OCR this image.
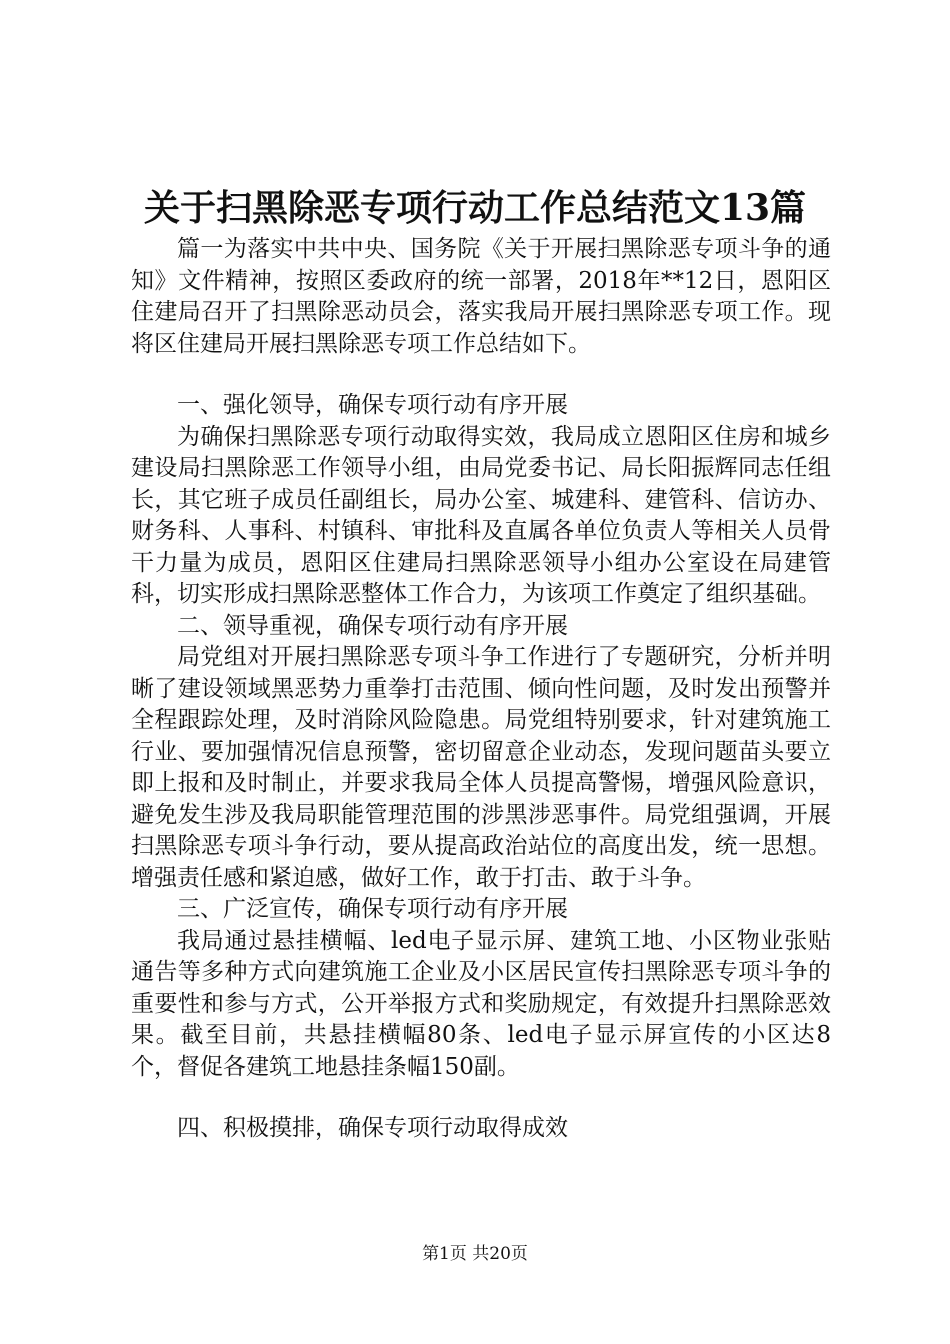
关于扫黑除恶专项行动工作总结范文13篇

篇一为落实中共中央、国务院《关于开展扫黑除恶专项斗争的通知》文件精神，按照区委政府的统一部署，2018年**12日，恩阳区住建局召开了扫黑除恶动员会，落实我局开展扫黑除恶专项工作。现将区住建局开展扫黑除恶专项工作总结如下。

一、强化领导，确保专项行动有序开展

为确保扫黑除恶专项行动取得实效，我局成立恩阳区住房和城乡建设局扫黑除恶工作领导小组，由局党委书记、局长阳振辉同志任组长，其它班子成员任副组长，局办公室、城建科、建管科、信访办、财务科、人事科、村镇科、审批科及直属各单位负责人等相关人员骨干力量为成员，恩阳区住建局扫黑除恶领导小组办公室设在局建管科，切实形成扫黑除恶整体工作合力，为该项工作奠定了组织基础。

二、领导重视，确保专项行动有序开展

局党组对开展扫黑除恶专项斗争工作进行了专题研究，分析并明晰了建设领域黑恶势力重拳打击范围、倾向性问题，及时发出预警并全程跟踪处理，及时消除风险隐患。局党组特别要求，针对建筑施工行业、要加强情况信息预警，密切留意企业动态，发现问题苗头要立即上报和及时制止，并要求我局全体人员提高警惕，增强风险意识，避免发生涉及我局职能管理范围的涉黑涉恶事件。局党组强调，开展扫黑除恶专项斗争行动，要从提高政治站位的高度出发，统一思想。增强责任感和紧迫感，做好工作，敢于打击、敢于斗争。

三、广泛宣传，确保专项行动有序开展

我局通过悬挂横幅、led电子显示屏、建筑工地、小区物业张贴通告等多种方式向建筑施工企业及小区居民宣传扫黑除恶专项斗争的重要性和参与方式，公开举报方式和奖励规定，有效提升扫黑除恶效果。截至目前，共悬挂横幅80条、led电子显示屏宣传的小区达8个，督促各建筑工地悬挂条幅150副。

四、积极摸排，确保专项行动取得成效

第1页 共20页
